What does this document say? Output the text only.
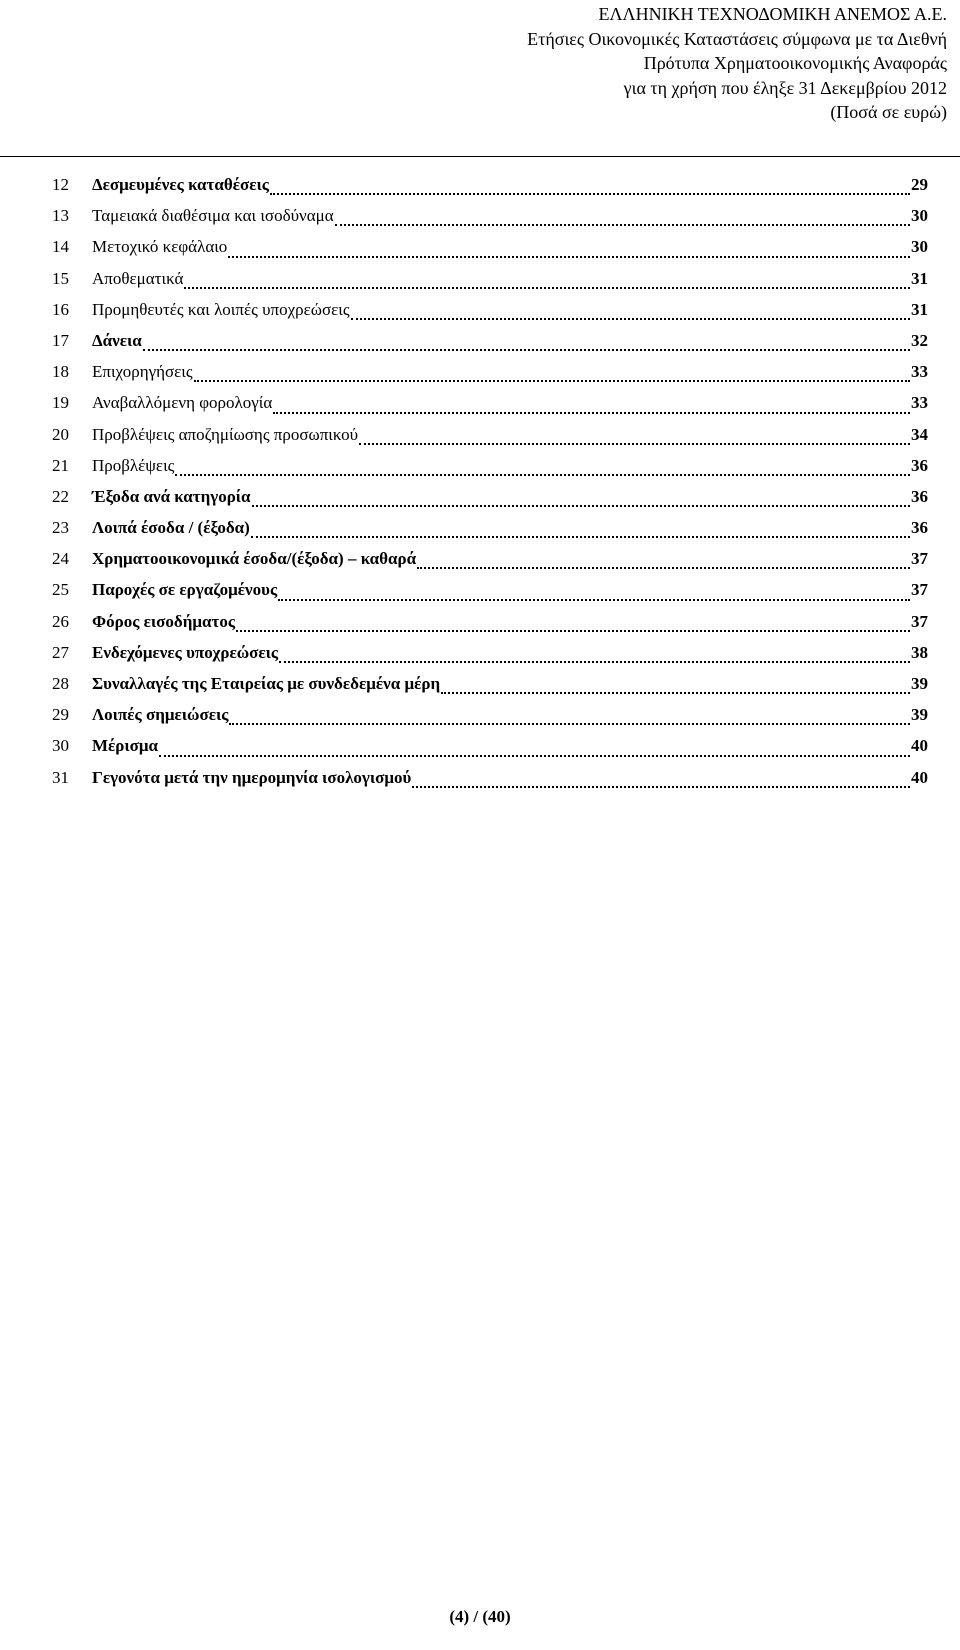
ΕΛΛΗΝΙΚΗ ΤΕΧΝΟΔΟΜΙΚΗ ΑΝΕΜΟΣ Α.Ε.
Ετήσιες Οικονομικές Καταστάσεις σύμφωνα με τα Διεθνή
Πρότυπα Χρηματοοικονομικής Αναφοράς
για τη χρήση που έληξε 31 Δεκεμβρίου 2012
(Ποσά σε ευρώ)
12	Δεσμευμένες καταθέσεις	29
13	Ταμειακά διαθέσιμα και ισοδύναμα	30
14	Μετοχικό κεφάλαιο	30
15	Αποθεματικά	31
16	Προμηθευτές και λοιπές υποχρεώσεις	31
17	Δάνεια	32
18	Επιχορηγήσεις	33
19	Αναβαλλόμενη φορολογία	33
20	Προβλέψεις αποζημίωσης προσωπικού	34
21	Προβλέψεις	36
22	Έξοδα ανά κατηγορία	36
23	Λοιπά έσοδα / (έξοδα)	36
24	Χρηματοοικονομικά έσοδα/(έξοδα) – καθαρά	37
25	Παροχές σε εργαζομένους	37
26	Φόρος εισοδήματος	37
27	Ενδεχόμενες υποχρεώσεις	38
28	Συναλλαγές της Εταιρείας με συνδεδεμένα μέρη	39
29	Λοιπές σημειώσεις	39
30	Μέρισμα	40
31	Γεγονότα μετά την ημερομηνία ισολογισμού	40
(4) / (40)
